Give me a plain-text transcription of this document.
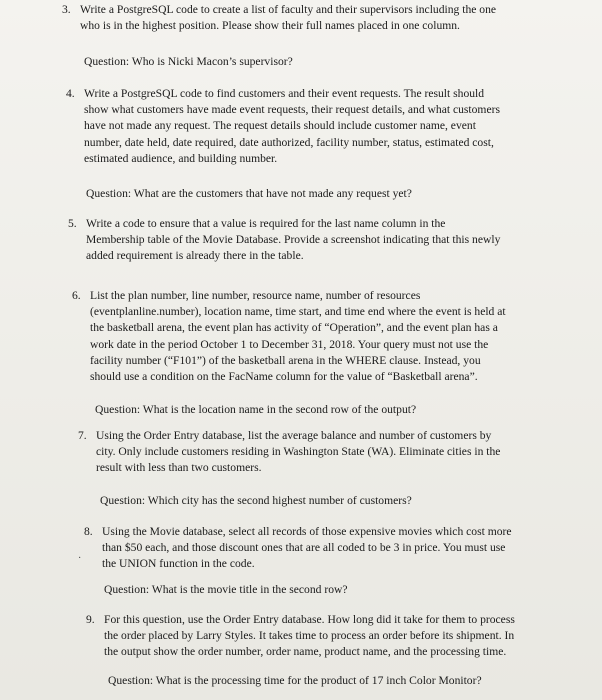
3. Write a PostgreSQL code to create a list of faculty and their supervisors including the one
who is in the highest position. Please show their full names placed in one column.
Question: Who is Nicki Macon’s supervisor?
4. Write a PostgreSQL code to find customers and their event requests. The result should
show what customers have made event requests, their request details, and what customers
have not made any request. The request details should include customer name, event
number, date held, date required, date authorized, facility number, status, estimated cost,
estimated audience, and building number.
Question: What are the customers that have not made any request yet?
5. Write a code to ensure that a value is required for the last name column in the
Membership table of the Movie Database. Provide a screenshot indicating that this newly
added requirement is already there in the table.
6. List the plan number, line number, resource name, number of resources
(eventplanline.number), location name, time start, and time end where the event is held at
the basketball arena, the event plan has activity of “Operation”, and the event plan has a
work date in the period October 1 to December 31, 2018. Your query must not use the
facility number (“F101”) of the basketball arena in the WHERE clause. Instead, you
should use a condition on the FacName column for the value of “Basketball arena”.
Question: What is the location name in the second row of the output?
7. Using the Order Entry database, list the average balance and number of customers by
city. Only include customers residing in Washington State (WA). Eliminate cities in the
result with less than two customers.
Question: Which city has the second highest number of customers?
8. Using the Movie database, select all records of those expensive movies which cost more
than $50 each, and those discount ones that are all coded to be 3 in price. You must use
the UNION function in the code.
·
Question: What is the movie title in the second row?
9. For this question, use the Order Entry database. How long did it take for them to process
the order placed by Larry Styles. It takes time to process an order before its shipment. In
the output show the order number, order name, product name, and the processing time.
Question: What is the processing time for the product of 17 inch Color Monitor?
